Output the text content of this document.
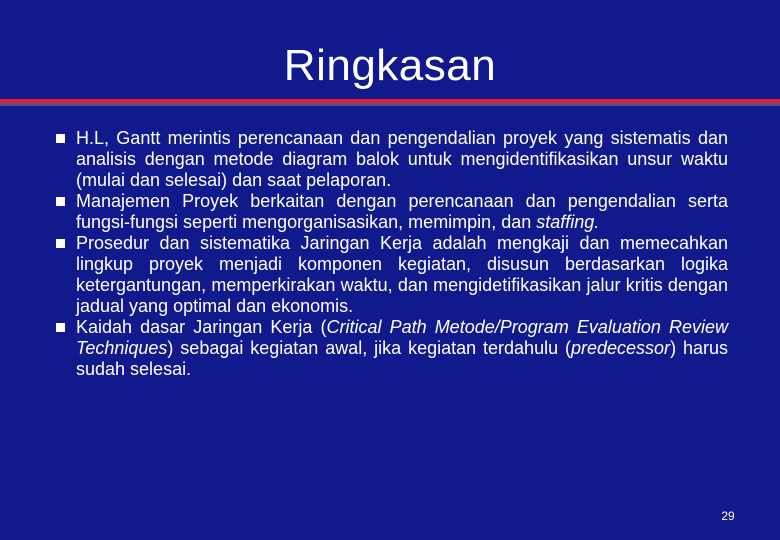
Ringkasan
H.L, Gantt merintis perencanaan dan pengendalian proyek yang sistematis dan analisis dengan metode diagram balok untuk mengidentifikasikan unsur waktu (mulai dan selesai) dan saat pelaporan.
Manajemen Proyek berkaitan dengan perencanaan dan pengendalian serta fungsi-fungsi seperti mengorganisasikan, memimpin, dan staffing.
Prosedur dan sistematika Jaringan Kerja adalah mengkaji dan memecahkan lingkup proyek menjadi komponen kegiatan, disusun berdasarkan logika ketergantungan, memperkirakan waktu, dan mengidetifikasikan jalur kritis dengan jadual yang optimal dan ekonomis.
Kaidah dasar Jaringan Kerja (Critical Path Metode/Program Evaluation Review Techniques) sebagai kegiatan awal, jika kegiatan terdahulu (predecessor) harus sudah selesai.
29
